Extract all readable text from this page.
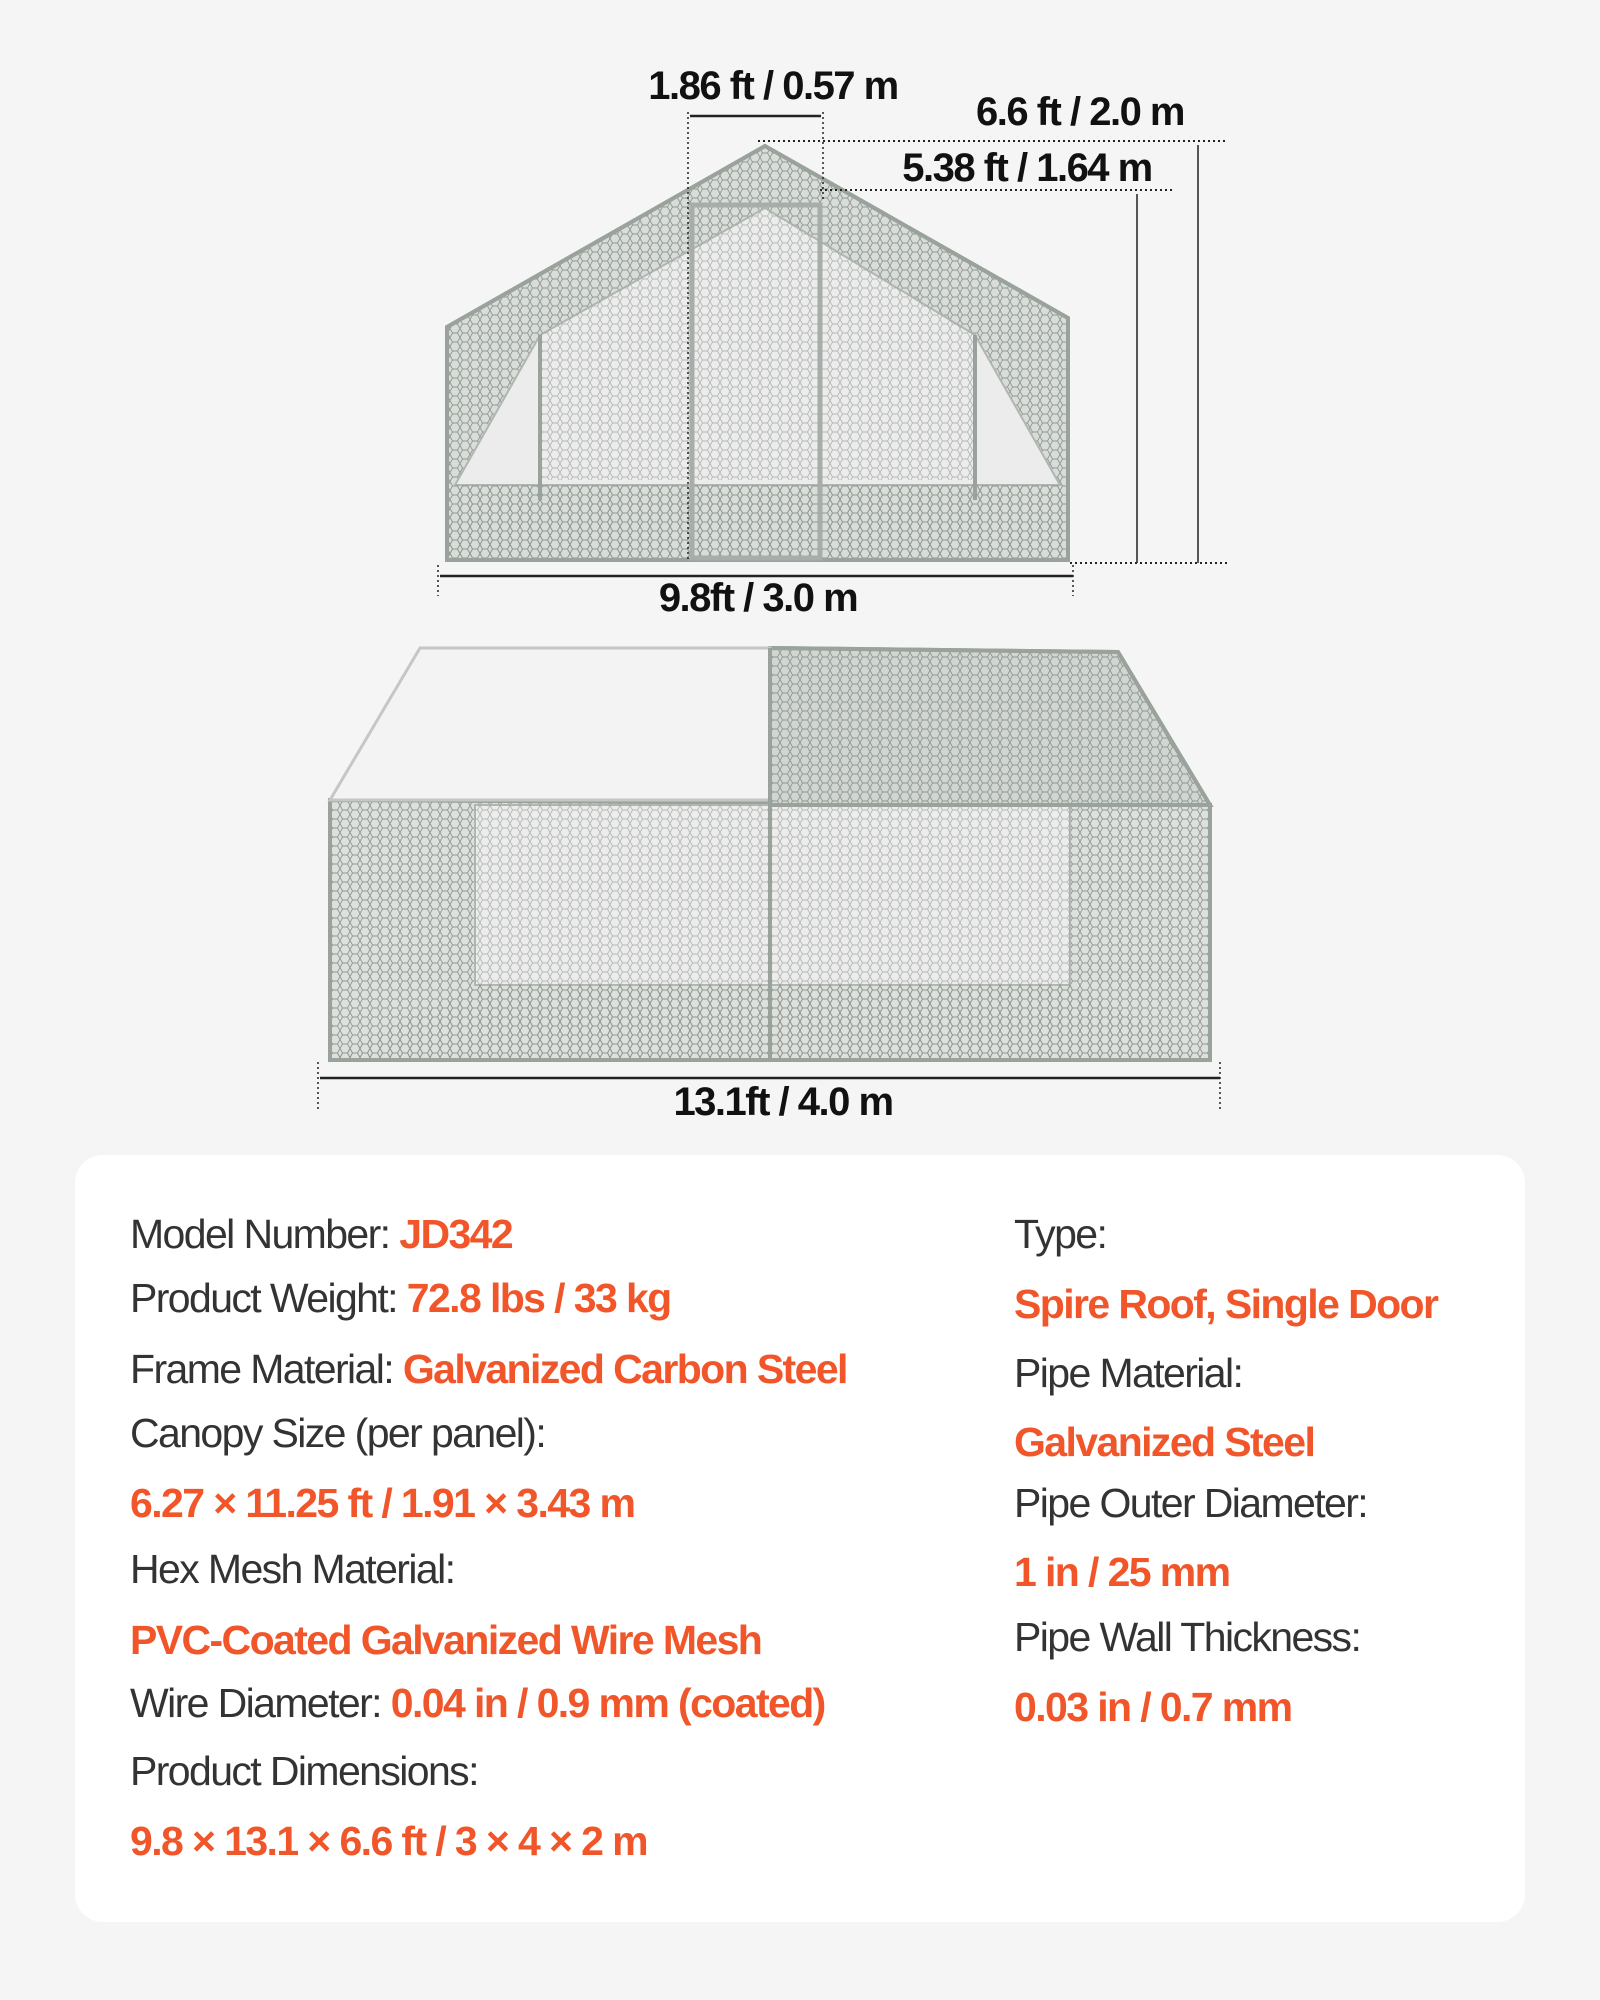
1.86 ft / 0.57 m
6.6 ft / 2.0 m
5.38 ft / 1.64 m
9.8ft / 3.0 m
13.1ft / 4.0 m
Model Number: JD342
Product Weight: 72.8 lbs / 33 kg
Frame Material: Galvanized Carbon Steel
Canopy Size (per panel):
6.27 × 11.25 ft / 1.91 × 3.43 m
Hex Mesh Material:
PVC-Coated Galvanized Wire Mesh
Wire Diameter: 0.04 in / 0.9 mm (coated)
Product Dimensions:
9.8 × 13.1 × 6.6 ft / 3 × 4 × 2 m
Type:
Spire Roof, Single Door
Pipe Material:
Galvanized Steel
Pipe Outer Diameter:
1 in / 25 mm
Pipe Wall Thickness:
0.03 in / 0.7 mm
